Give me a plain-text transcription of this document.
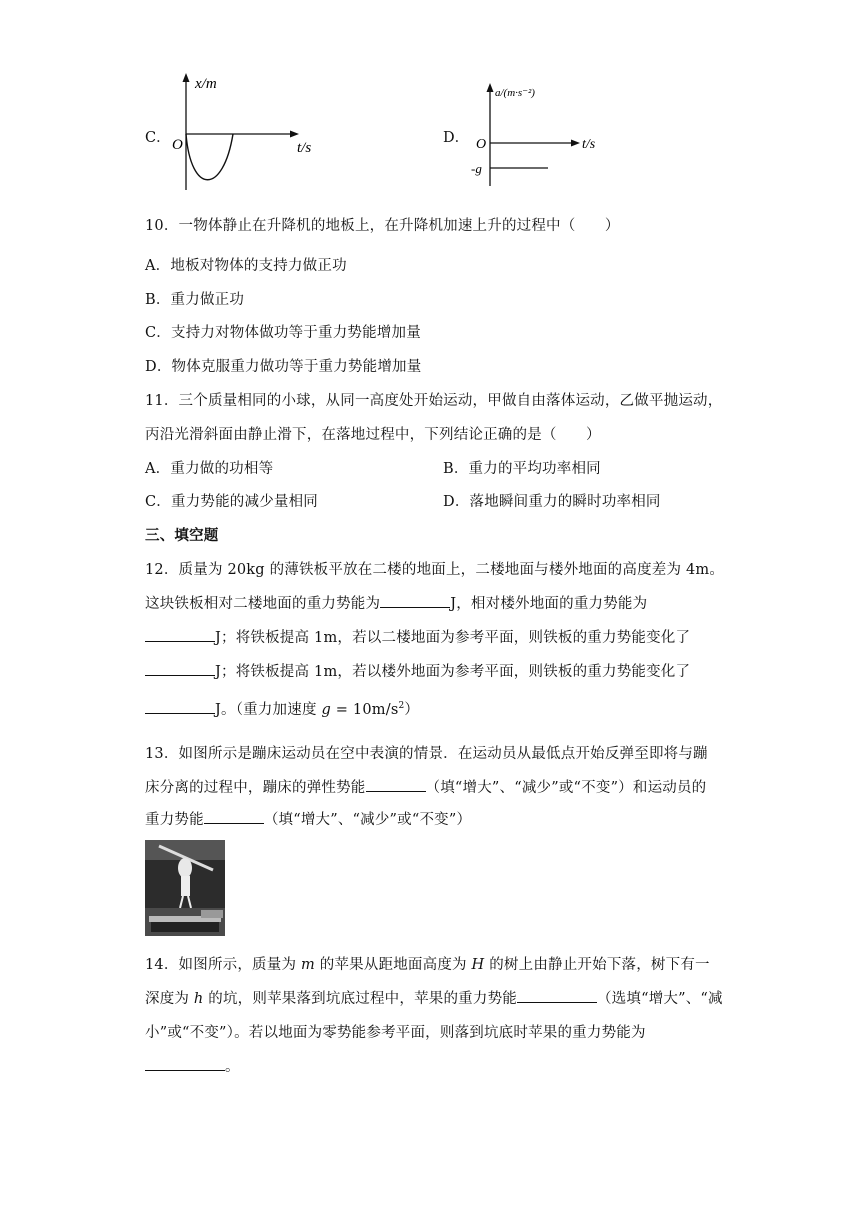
C．
x/m
O	t/s
D．
a/(m·s⁻²)
O
-g
t/s
10．一物体静止在升降机的地板上，在升降机加速上升的过程中（　　）
A．地板对物体的支持力做正功
B．重力做正功
C．支持力对物体做功等于重力势能增加量
D．物体克服重力做功等于重力势能增加量
11．三个质量相同的小球，从同一高度处开始运动，甲做自由落体运动，乙做平抛运动，
丙沿光滑斜面由静止滑下，在落地过程中，下列结论正确的是（　　）
A．重力做的功相等	B．重力的平均功率相同
C．重力势能的减少量相同	D．落地瞬间重力的瞬时功率相同
三、填空题
12．质量为 20kg 的薄铁板平放在二楼的地面上，二楼地面与楼外地面的高度差为 4m。
这块铁板相对二楼地面的重力势能为	J，相对楼外地面的重力势能为
J；将铁板提高 1m，若以二楼地面为参考平面，则铁板的重力势能变化了
J；将铁板提高 1m，若以楼外地面为参考平面，则铁板的重力势能变化了
J。（重力加速度 $g = 10m/s^2$）
13．如图所示是蹦床运动员在空中表演的情景．在运动员从最低点开始反弹至即将与蹦
床分离的过程中，蹦床的弹性势能	（填“增大”、“减少”或“不变”）和运动员的
重力势能	（填“增大”、“减少”或“不变”）
14．如图所示，质量为 m 的苹果从距地面高度为 H 的树上由静止开始下落，树下有一
深度为 h 的坑，则苹果落到坑底过程中，苹果的重力势能	（选填“增大”、“减
小”或“不变”）。若以地面为零势能参考平面，则落到坑底时苹果的重力势能为
。
